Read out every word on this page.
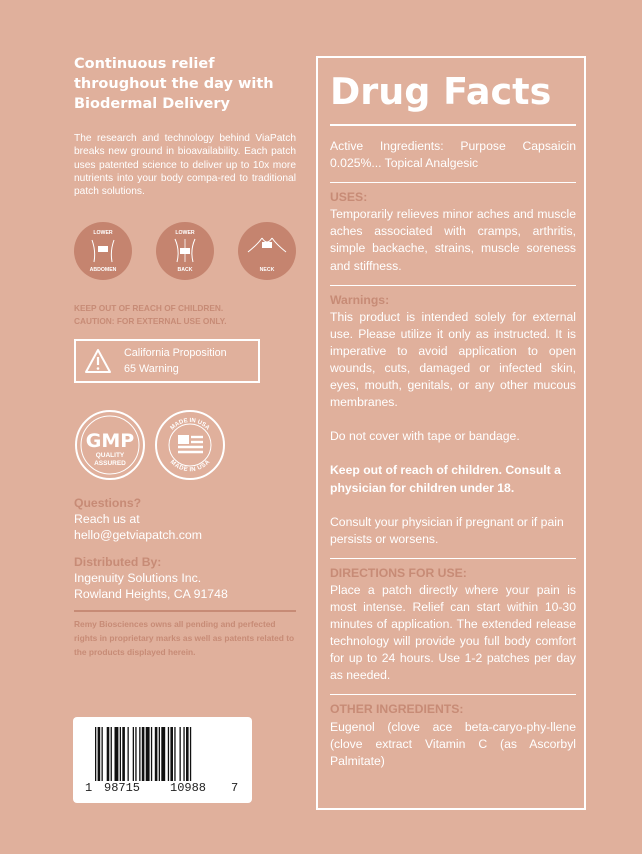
Continuous relief throughout the day with Biodermal Delivery
The research and technology behind ViaPatch breaks new ground in bioavailability. Each patch uses patented science to deliver up to 10x more nutrients into your body compa-red to traditional patch solutions.
LOWER
ABDOMEN
LOWER
BACK	NECK
KEEP OUT OF REACH OF CHILDREN.
CAUTION: FOR EXTERNAL USE ONLY.
California Proposition
65 Warning
GMP
QUALITY
ASSURED
MADE IN USA
MADE IN USA
Questions?
Reach us at
hello@getviapatch.com
Distributed By:
Ingenuity Solutions Inc.
Rowland Heights, CA 91748
Remy Biosciences owns all pending and perfected rights in proprietary marks as well as patents related to the products displayed herein.
1 98715 10988 7
Drug Facts
Active Ingredients: Purpose Capsaicin 0.025%... Topical Analgesic
USES:
Temporarily relieves minor aches and muscle aches associated with cramps, arthritis, simple backache, strains, muscle soreness and stiffness.
Warnings:
This product is intended solely for external use. Please utilize it only as instructed. It is imperative to avoid application to open wounds, cuts, damaged or infected skin, eyes, mouth, genitals, or any other mucous membranes.
Do not cover with tape or bandage.
Keep out of reach of children. Consult a physician for children under 18.
Consult your physician if pregnant or if pain persists or worsens.
DIRECTIONS FOR USE:
Place a patch directly where your pain is most intense. Relief can start within 10-30 minutes of application. The extended release technology will provide you full body comfort for up to 24 hours. Use 1-2 patches per day as needed.
OTHER INGREDIENTS:
Eugenol (clove ace beta-caryo-phy-llene (clove extract Vitamin C (as Ascorbyl Palmitate)
